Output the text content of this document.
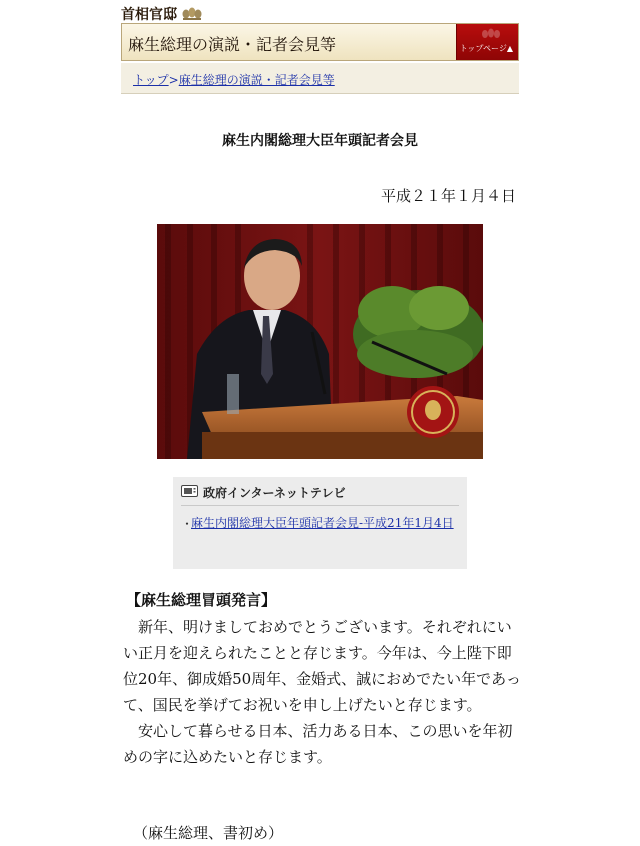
首相官邸
麻生総理の演説・記者会見等	トップページ▲
トップ>麻生総理の演説・記者会見等
麻生内閣総理大臣年頭記者会見
平成２１年１月４日
政府インターネットテレビ
・
麻生内閣総理大臣年頭記者会見-平成21年1月4日
【麻生総理冒頭発言】

　新年、明けましておめでとうございます。それぞれにいい正月を迎えられたことと存じます。今年は、今上陛下即位20年、御成婚50周年、金婚式、誠におめでたい年であって、国民を挙げてお祝いを申し上げたいと存じます。

　安心して暮らせる日本、活力ある日本、この思いを年初めの字に込めたいと存じます。

（麻生総理、書初め）
